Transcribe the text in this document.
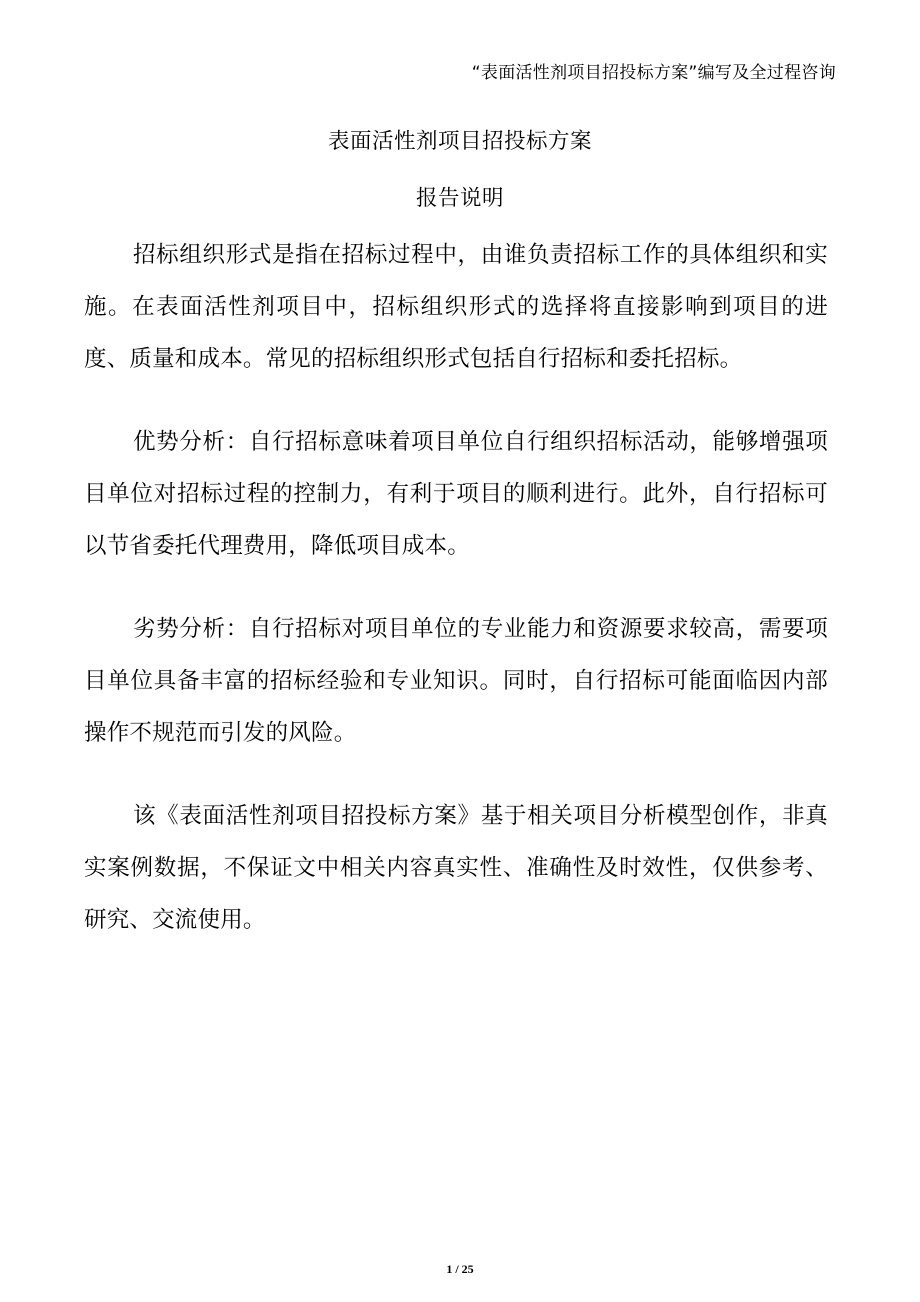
“表面活性剂项目招投标方案”编写及全过程咨询
表面活性剂项目招投标方案
报告说明

招标组织形式是指在招标过程中，由谁负责招标工作的具体组织和实施。在表面活性剂项目中，招标组织形式的选择将直接影响到项目的进度、质量和成本。常见的招标组织形式包括自行招标和委托招标。

优势分析：自行招标意味着项目单位自行组织招标活动，能够增强项目单位对招标过程的控制力，有利于项目的顺利进行。此外，自行招标可以节省委托代理费用，降低项目成本。

劣势分析：自行招标对项目单位的专业能力和资源要求较高，需要项目单位具备丰富的招标经验和专业知识。同时，自行招标可能面临因内部操作不规范而引发的风险。

该《表面活性剂项目招投标方案》基于相关项目分析模型创作，非真实案例数据，不保证文中相关内容真实性、准确性及时效性，仅供参考、研究、交流使用。

1 / 25
